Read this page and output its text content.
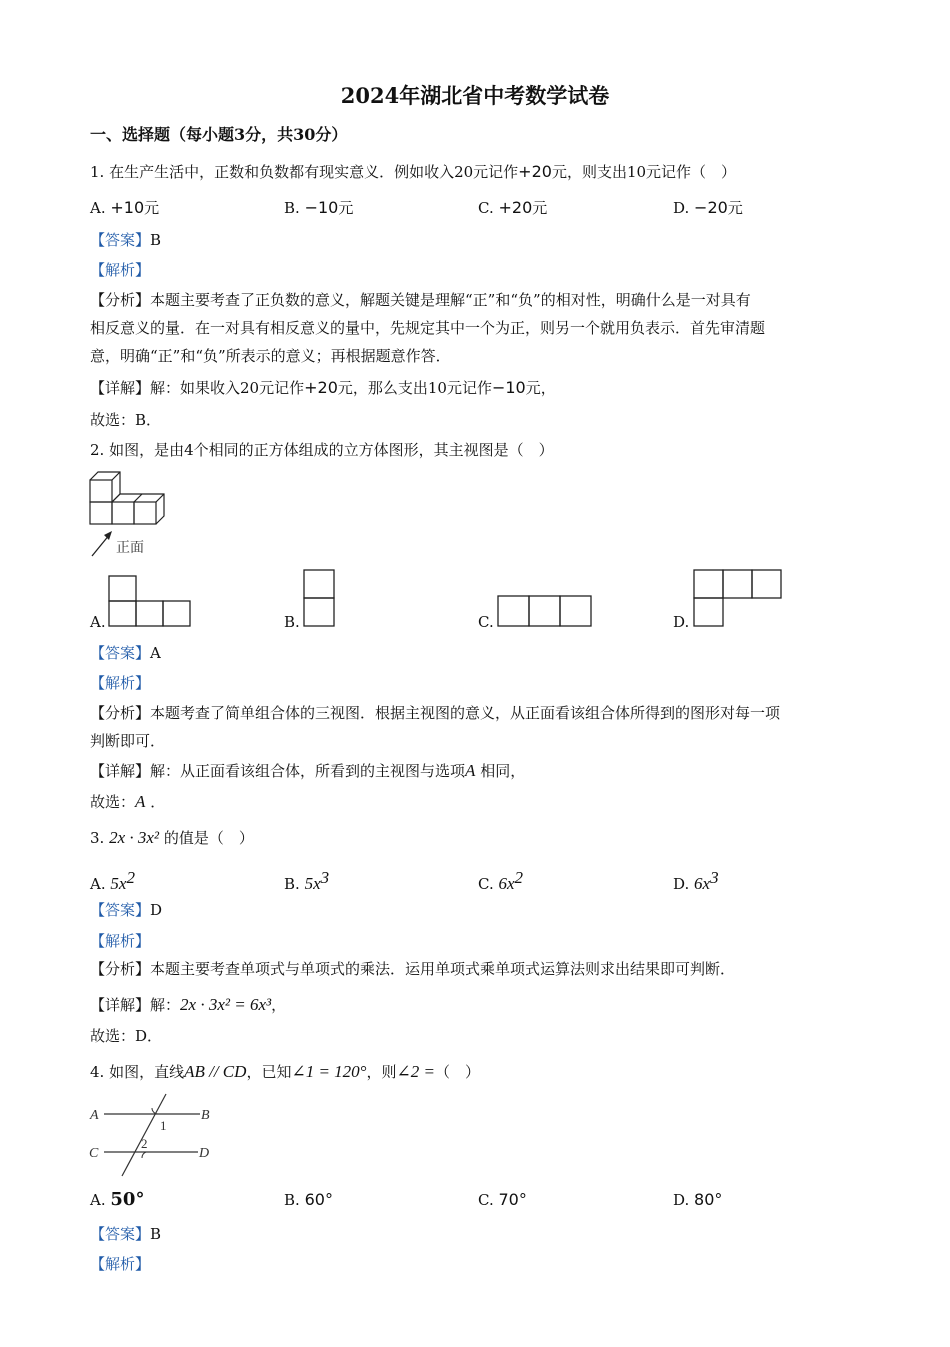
2024年湖北省中考数学试卷
一、选择题（每小题3分，共30分）
1. 在生产生活中，正数和负数都有现实意义．例如收入20元记作+20元，则支出10元记作（　）
A. +10元	B. −10元	C. +20元	D. −20元
【答案】B
【解析】
【分析】本题主要考查了正负数的意义，解题关键是理解“正”和“负”的相对性，明确什么是一对具有
相反意义的量．在一对具有相反意义的量中，先规定其中一个为正，则另一个就用负表示．首先审清题
意，明确“正”和“负”所表示的意义；再根据题意作答．
【详解】解：如果收入20元记作+20元，那么支出10元记作−10元，
故选：B．
2. 如图，是由4个相同的正方体组成的立方体图形，其主视图是（　）
正面
A.	B.	C.	D.
【答案】A
【解析】
【分析】本题考查了简单组合体的三视图．根据主视图的意义，从正面看该组合体所得到的图形对每一项
判断即可．
【详解】解：从正面看该组合体，所看到的主视图与选项A 相同，
故选：A ．
3. 2x · 3x² 的值是（　）
A. $5x^2$	B. $5x^3$	C. $6x^2$	D. $6x^3$
【答案】D
【解析】
【分析】本题主要考查单项式与单项式的乘法．运用单项式乘单项式运算法则求出结果即可判断．
【详解】解：2x · 3x² = 6x³，
故选：D．
4. 如图，直线AB // CD，已知∠1 = 120°，则∠2 =（　）
A	B
C	D
1
2
A. 50°	B. 60°	C. 70°	D. 80°
【答案】B
【解析】
